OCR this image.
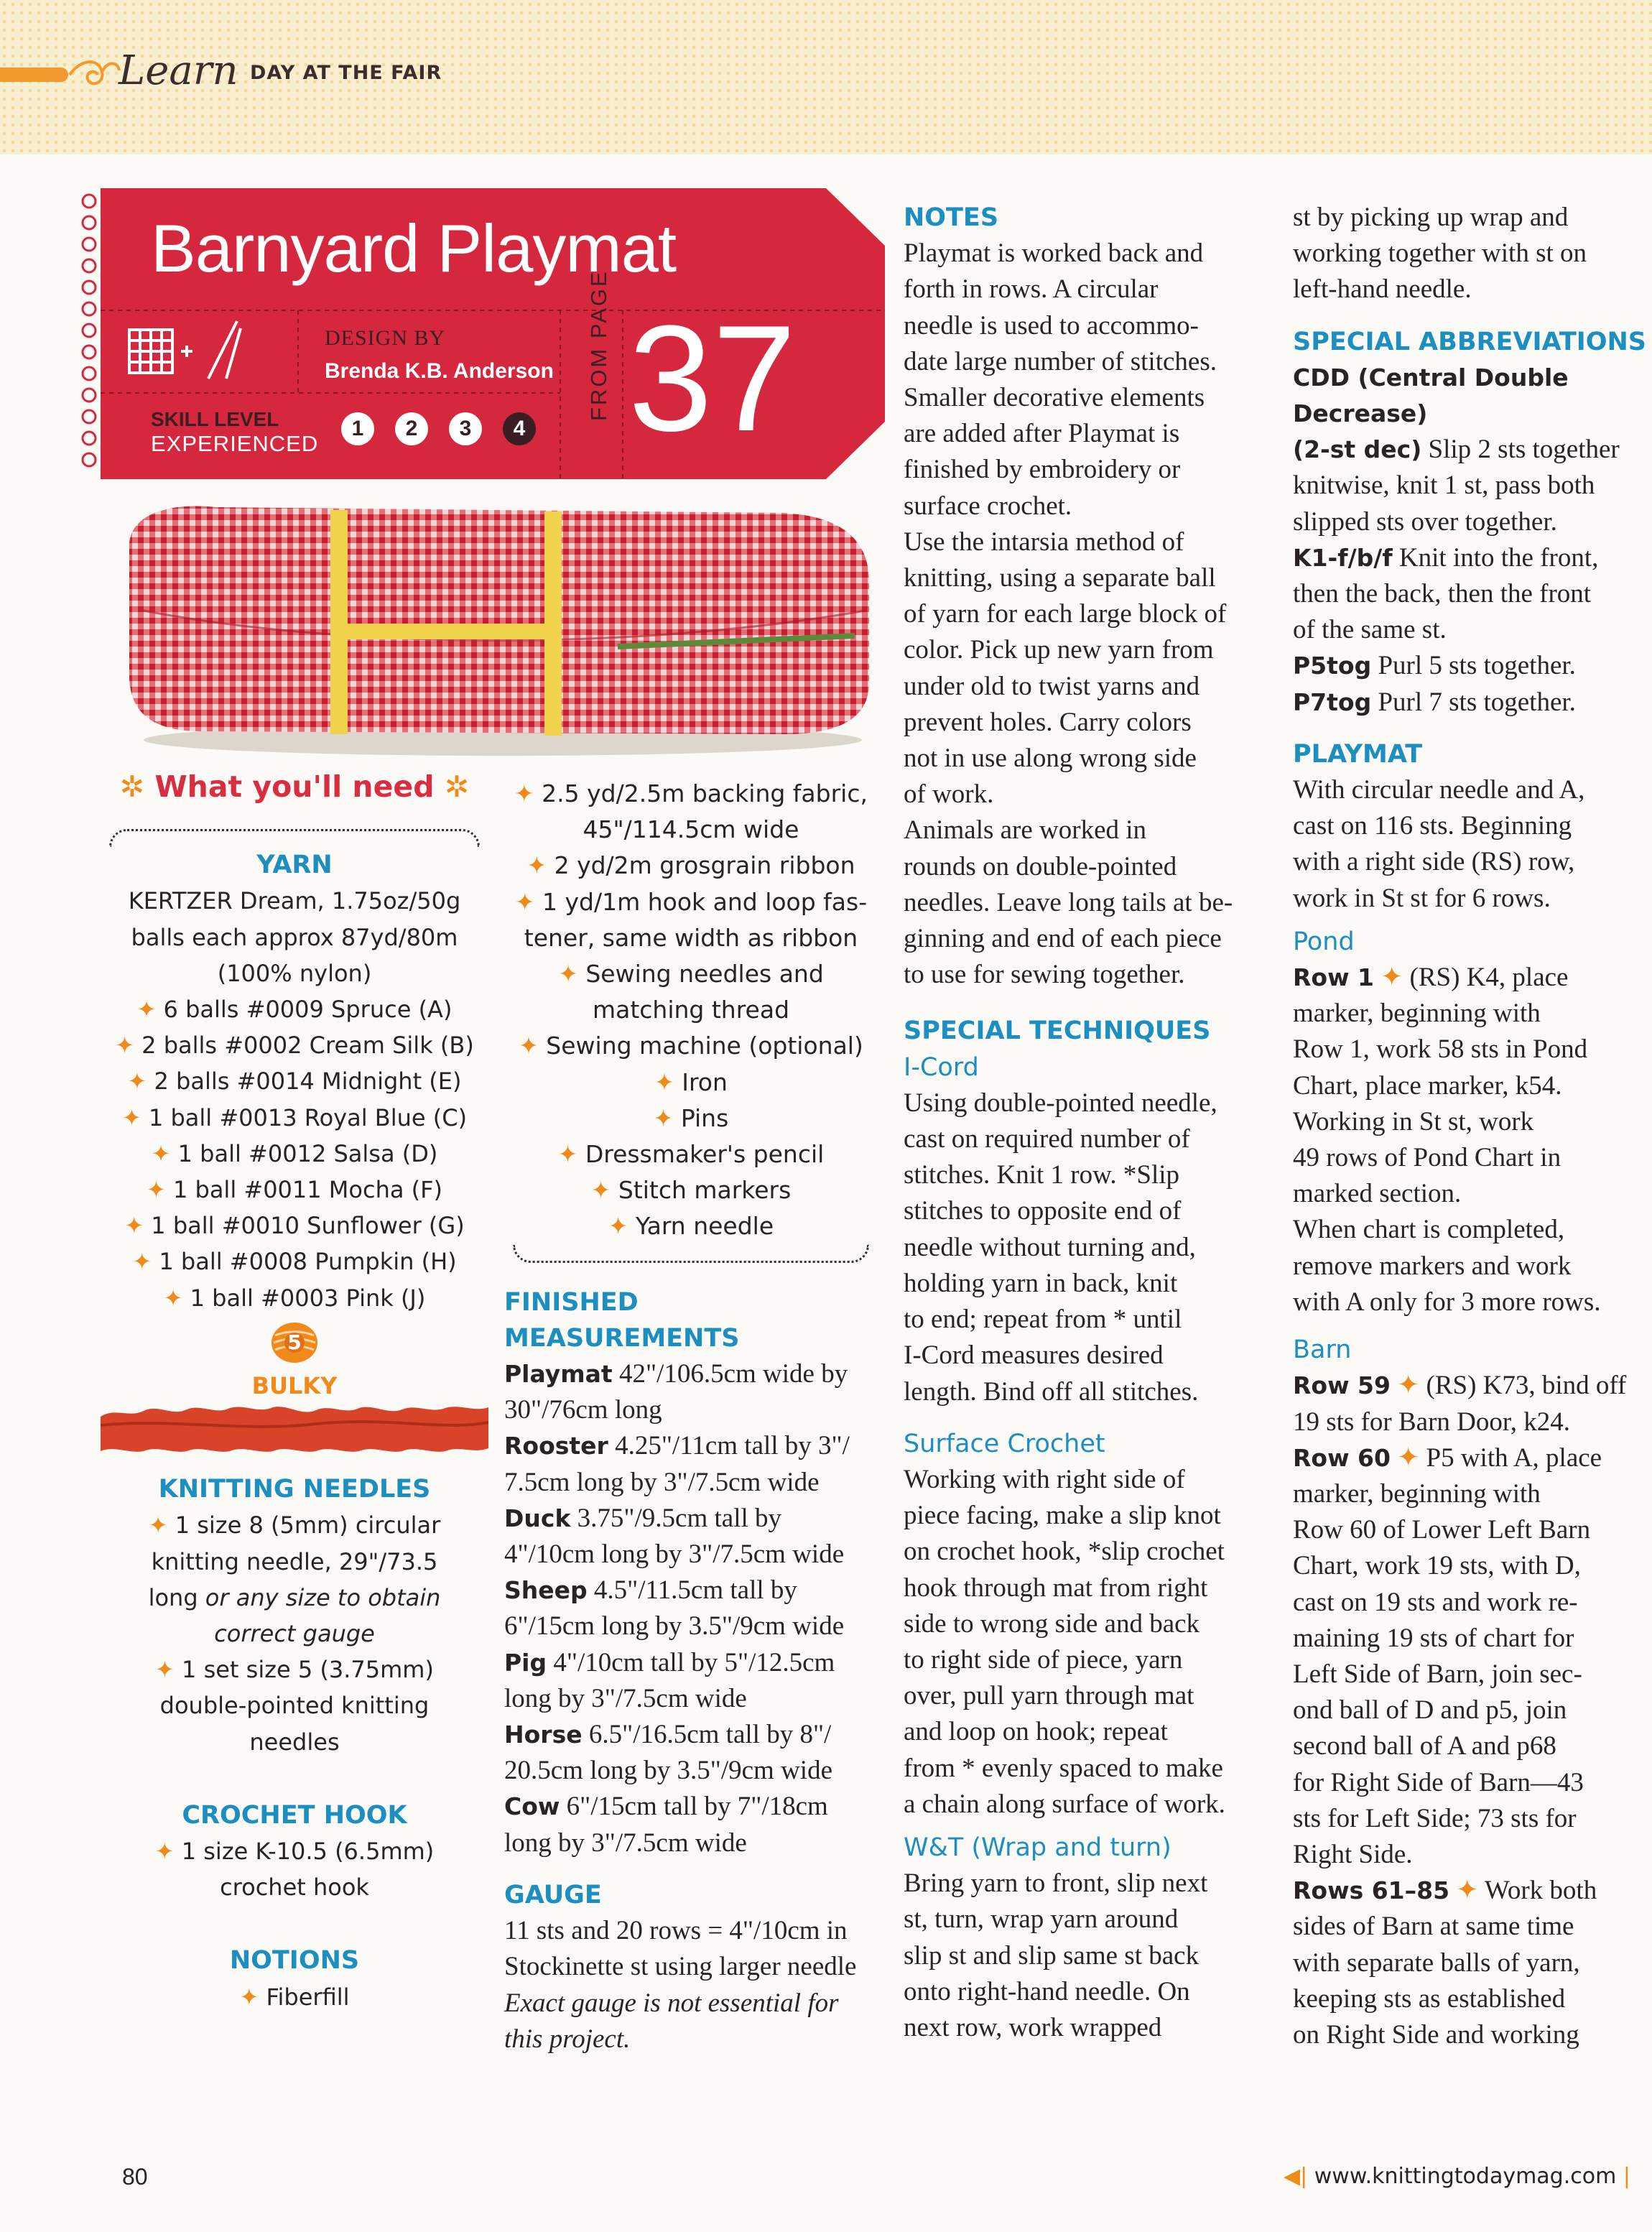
Learn DAY AT THE FAIR
Barnyard Playmat
DESIGN BY
Brenda K.B. Anderson
SKILL LEVEL
EXPERIENCED
1	2	3	4
FROM PAGE 37
✲ What you'll need ✲
YARN
KERTZER Dream, 1.75oz/50g
balls each approx 87yd/80m
(100% nylon)
✦ 6 balls #0009 Spruce (A)
✦ 2 balls #0002 Cream Silk (B)
✦ 2 balls #0014 Midnight (E)
✦ 1 ball #0013 Royal Blue (C)
✦ 1 ball #0012 Salsa (D)
✦ 1 ball #0011 Mocha (F)
✦ 1 ball #0010 Sunflower (G)
✦ 1 ball #0008 Pumpkin (H)
✦ 1 ball #0003 Pink (J)
5
BULKY
KNITTING NEEDLES
✦ 1 size 8 (5mm) circular
knitting needle, 29"/73.5
long or any size to obtain
correct gauge
✦ 1 set size 5 (3.75mm)
double-pointed knitting
needles
CROCHET HOOK
✦ 1 size K-10.5 (6.5mm)
crochet hook
NOTIONS
✦ Fiberfill
✦ 2.5 yd/2.5m backing fabric,
45"/114.5cm wide
✦ 2 yd/2m grosgrain ribbon
✦ 1 yd/1m hook and loop fas-
tener, same width as ribbon
✦ Sewing needles and
matching thread
✦ Sewing machine (optional)
✦ Iron
✦ Pins
✦ Dressmaker's pencil
✦ Stitch markers
✦ Yarn needle
FINISHED MEASUREMENTS
Playmat 42"/106.5cm wide by
30"/76cm long
Rooster 4.25"/11cm tall by 3"/
7.5cm long by 3"/7.5cm wide
Duck 3.75"/9.5cm tall by
4"/10cm long by 3"/7.5cm wide
Sheep 4.5"/11.5cm tall by
6"/15cm long by 3.5"/9cm wide
Pig 4"/10cm tall by 5"/12.5cm
long by 3"/7.5cm wide
Horse 6.5"/16.5cm tall by 8"/
20.5cm long by 3.5"/9cm wide
Cow 6"/15cm tall by 7"/18cm
long by 3"/7.5cm wide
GAUGE
11 sts and 20 rows = 4"/10cm in
Stockinette st using larger needle
Exact gauge is not essential for
this project.
NOTES
Playmat is worked back and
forth in rows. A circular
needle is used to accommo-
date large number of stitches.
Smaller decorative elements
are added after Playmat is
finished by embroidery or
surface crochet.
Use the intarsia method of
knitting, using a separate ball
of yarn for each large block of
color. Pick up new yarn from
under old to twist yarns and
prevent holes. Carry colors
not in use along wrong side
of work.
Animals are worked in
rounds on double-pointed
needles. Leave long tails at be-
ginning and end of each piece
to use for sewing together.
SPECIAL TECHNIQUES
I-Cord
Using double-pointed needle,
cast on required number of
stitches. Knit 1 row. *Slip
stitches to opposite end of
needle without turning and,
holding yarn in back, knit
to end; repeat from * until
I-Cord measures desired
length. Bind off all stitches.
Surface Crochet
Working with right side of
piece facing, make a slip knot
on crochet hook, *slip crochet
hook through mat from right
side to wrong side and back
to right side of piece, yarn
over, pull yarn through mat
and loop on hook; repeat
from * evenly spaced to make
a chain along surface of work.
W&T (Wrap and turn)
Bring yarn to front, slip next
st, turn, wrap yarn around
slip st and slip same st back
onto right-hand needle. On
next row, work wrapped
st by picking up wrap and
working together with st on
left-hand needle.
SPECIAL ABBREVIATIONS
CDD (Central Double Decrease)
(2-st dec) Slip 2 sts together
knitwise, knit 1 st, pass both
slipped sts over together.
K1-f/b/f Knit into the front,
then the back, then the front
of the same st.
P5tog Purl 5 sts together.
P7tog Purl 7 sts together.
PLAYMAT
With circular needle and A,
cast on 116 sts. Beginning
with a right side (RS) row,
work in St st for 6 rows.
Pond
Row 1 ✦ (RS) K4, place
marker, beginning with
Row 1, work 58 sts in Pond
Chart, place marker, k54.
Working in St st, work
49 rows of Pond Chart in
marked section.
When chart is completed,
remove markers and work
with A only for 3 more rows.
Barn
Row 59 ✦ (RS) K73, bind off
19 sts for Barn Door, k24.
Row 60 ✦ P5 with A, place
marker, beginning with
Row 60 of Lower Left Barn
Chart, work 19 sts, with D,
cast on 19 sts and work re-
maining 19 sts of chart for
Left Side of Barn, join sec-
ond ball of D and p5, join
second ball of A and p68
for Right Side of Barn—43
sts for Left Side; 73 sts for
Right Side.
Rows 61–85 ✦ Work both
sides of Barn at same time
with separate balls of yarn,
keeping sts as established
on Right Side and working
80	◀| www.knittingtodaymag.com |
